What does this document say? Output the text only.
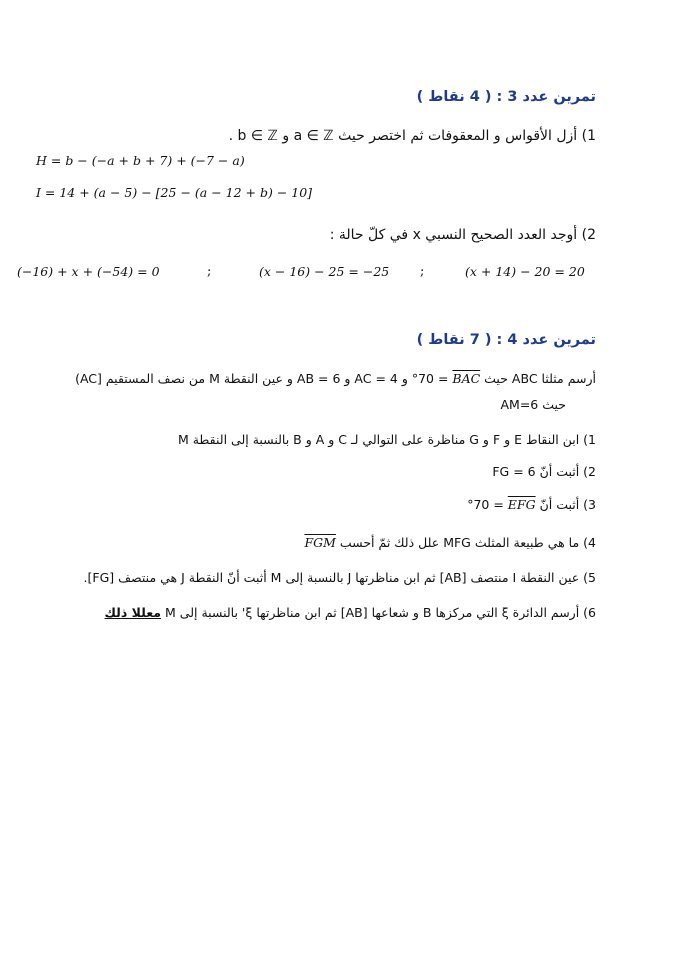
تمرين عدد 3 : ( 4 نقاط )
1) أزل الأقواس و المعقوفات ثم اختصر حيث a ∈ ℤ و b ∈ ℤ .
H = b − (−a + b + 7) + (−7 − a)
I = 14 + (a − 5) − [25 − (a − 12 + b) − 10]
2) أوجد العدد الصحيح النسبي x في كلّ حالة :
(x + 14) − 20 = 20
;
(x − 16) − 25 = −25
;
(−16) + x + (−54) = 0
تمرين عدد 4 : ( 7 نقاط )
أرسم مثلثا ABC حيث $\overline{BAC} = 70^\circ$ و AC = 4 و AB = 6 و عين النقطة M من نصف المستقيم [AC)
حيث AM=6
1) ابن النقاط E و F و G مناظرة على التوالي لـ C و A و B بالنسبة إلى النقطة M
2) أثبت أنّ FG = 6
3) أثبت أنّ $\overline{EFG} = 70^\circ$
4) ما هي طبيعة المثلث MFG علل ذلك ثمّ أحسب $\overline{FGM}$
5) عين النقطة I منتصف [AB] ثم ابن مناظرتها J بالنسبة إلى M أثبت أنّ النقطة J هي منتصف [FG].
6) أرسم الدائرة ξ التي مركزها B و شعاعها [AB] ثم ابن مناظرتها ξ' بالنسبة إلى M معللا ذلك
